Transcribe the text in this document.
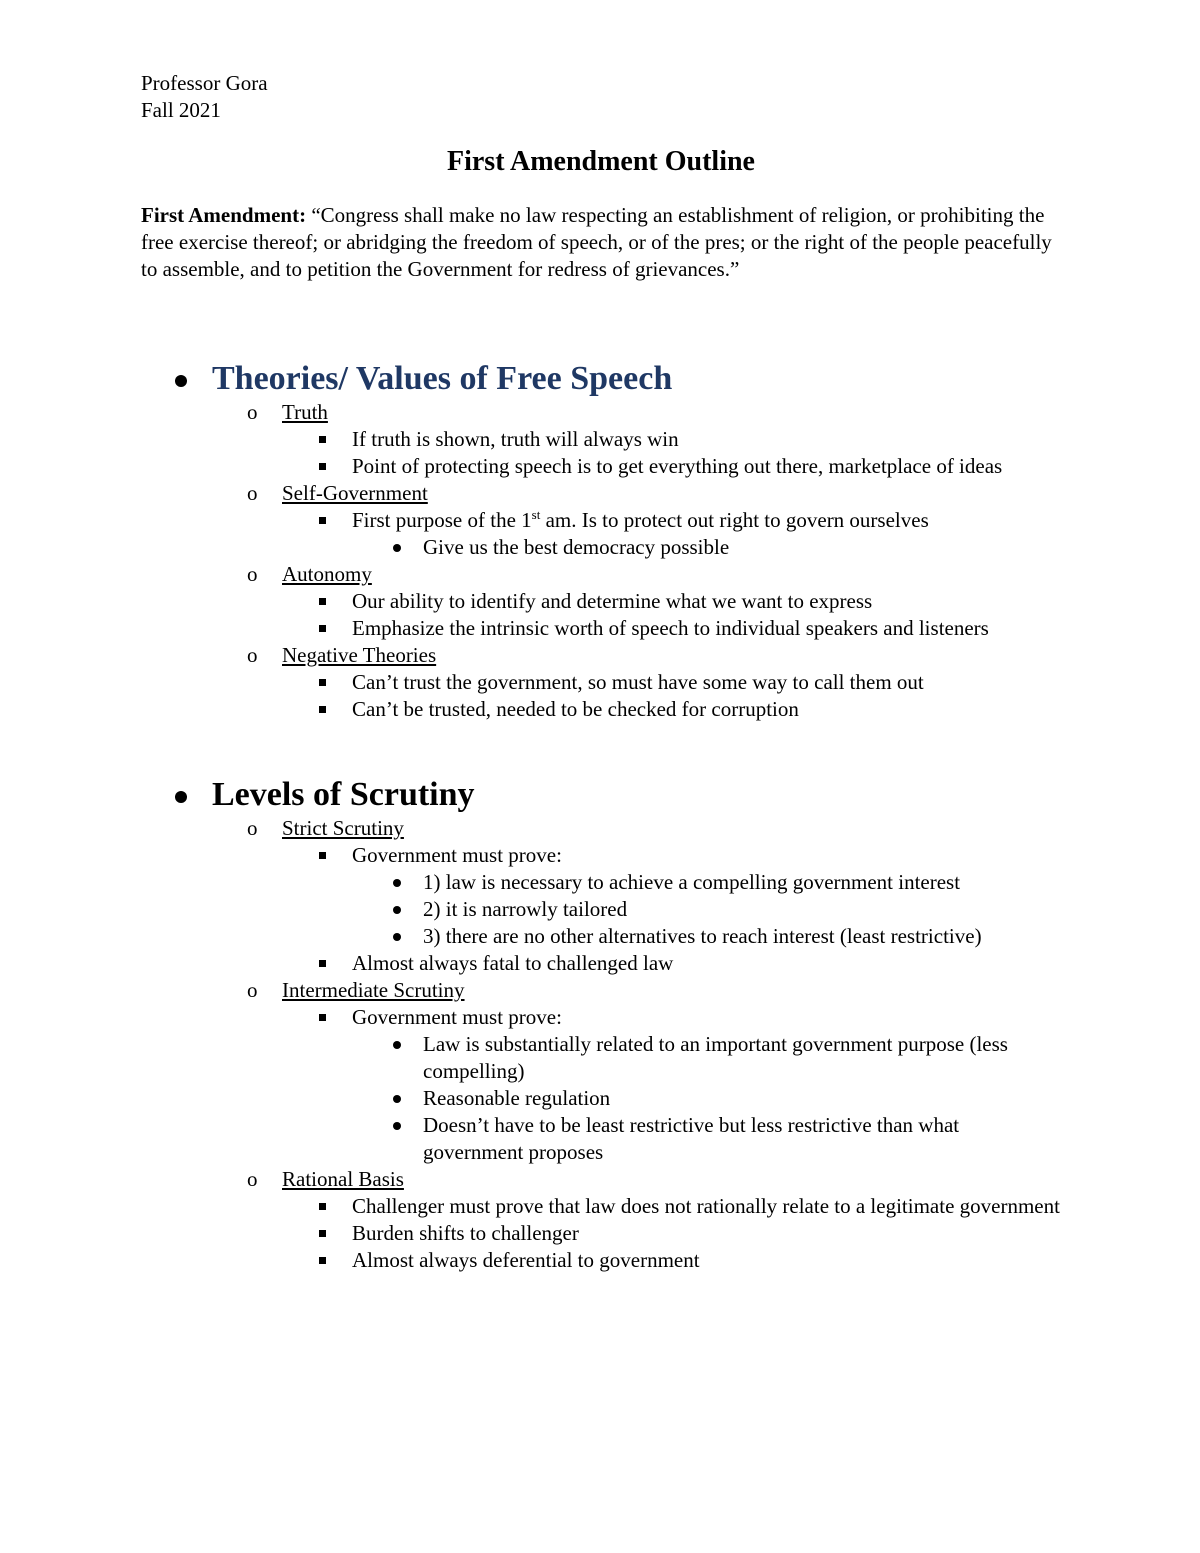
Professor Gora
Fall 2021
First Amendment Outline
First Amendment: “Congress shall make no law respecting an establishment of religion, or prohibiting the free exercise thereof; or abridging the freedom of speech, or of the pres; or the right of the people peacefully to assemble, and to petition the Government for redress of grievances.”
Theories/ Values of Free Speech
o Truth
If truth is shown, truth will always win
Point of protecting speech is to get everything out there, marketplace of ideas
o Self-Government
First purpose of the 1st am. Is to protect out right to govern ourselves
Give us the best democracy possible
o Autonomy
Our ability to identify and determine what we want to express
Emphasize the intrinsic worth of speech to individual speakers and listeners
o Negative Theories
Can’t trust the government, so must have some way to call them out
Can’t be trusted, needed to be checked for corruption
Levels of Scrutiny
o Strict Scrutiny
Government must prove:
1) law is necessary to achieve a compelling government interest
2) it is narrowly tailored
3) there are no other alternatives to reach interest (least restrictive)
Almost always fatal to challenged law
o Intermediate Scrutiny
Government must prove:
Law is substantially related to an important government purpose (less compelling)
Reasonable regulation
Doesn’t have to be least restrictive but less restrictive than what government proposes
o Rational Basis
Challenger must prove that law does not rationally relate to a legitimate government
Burden shifts to challenger
Almost always deferential to government
